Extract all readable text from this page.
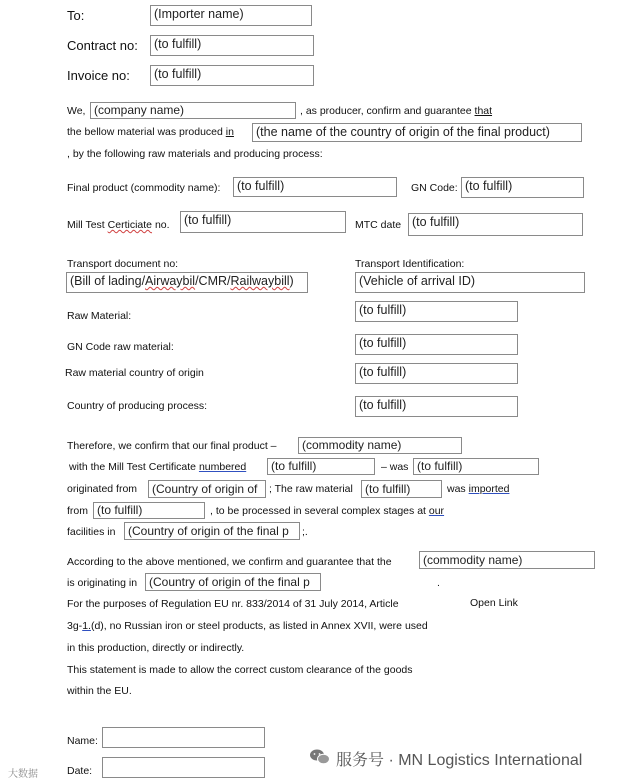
To:	(Importer name)
Contract no:	(to fulfill)
Invoice no:	(to fulfill)
We, (company name)	, as producer, confirm and guarantee that
the bellow material was produced in	(the name of the country of origin of the final product)
, by the following raw materials and producing process:
Final product (commodity name):	(to fulfill)	GN Code: (to fulfill)
Mill Test Certiciate no.	(to fulfill)	MTC date (to fulfill)
Transport document no:	Transport Identification:
(Bill of lading/Airwaybil/CMR/Railwaybill)	(Vehicle of arrival ID)
Raw Material:	(to fulfill)
GN Code raw material:	(to fulfill)
Raw material country of origin	(to fulfill)
Country of producing process:	(to fulfill)
Therefore, we confirm that our final product –	(commodity name)
with the Mill Test Certificate numbered	(to fulfill)	– was (to fulfill)
originated from	(Country of origin of	; The raw material	(to fulfill)	was imported
from (to fulfill)	, to be processed in several complex stages at our
facilities in	(Country of origin of the final p	;.
According to the above mentioned, we confirm and guarantee that the	(commodity name)
is originating in (Country of origin of the final p	.
For the purposes of Regulation EU nr. 833/2014 of 31 July 2014, Article	Open Link
3g-1.(d), no Russian iron or steel products, as listed in Annex XVII, were used
in this production, directly or indirectly.
This statement is made to allow the correct custom clearance of the goods
within the EU.
Name:
Date:
服务号 · MN Logistics International
大数据
